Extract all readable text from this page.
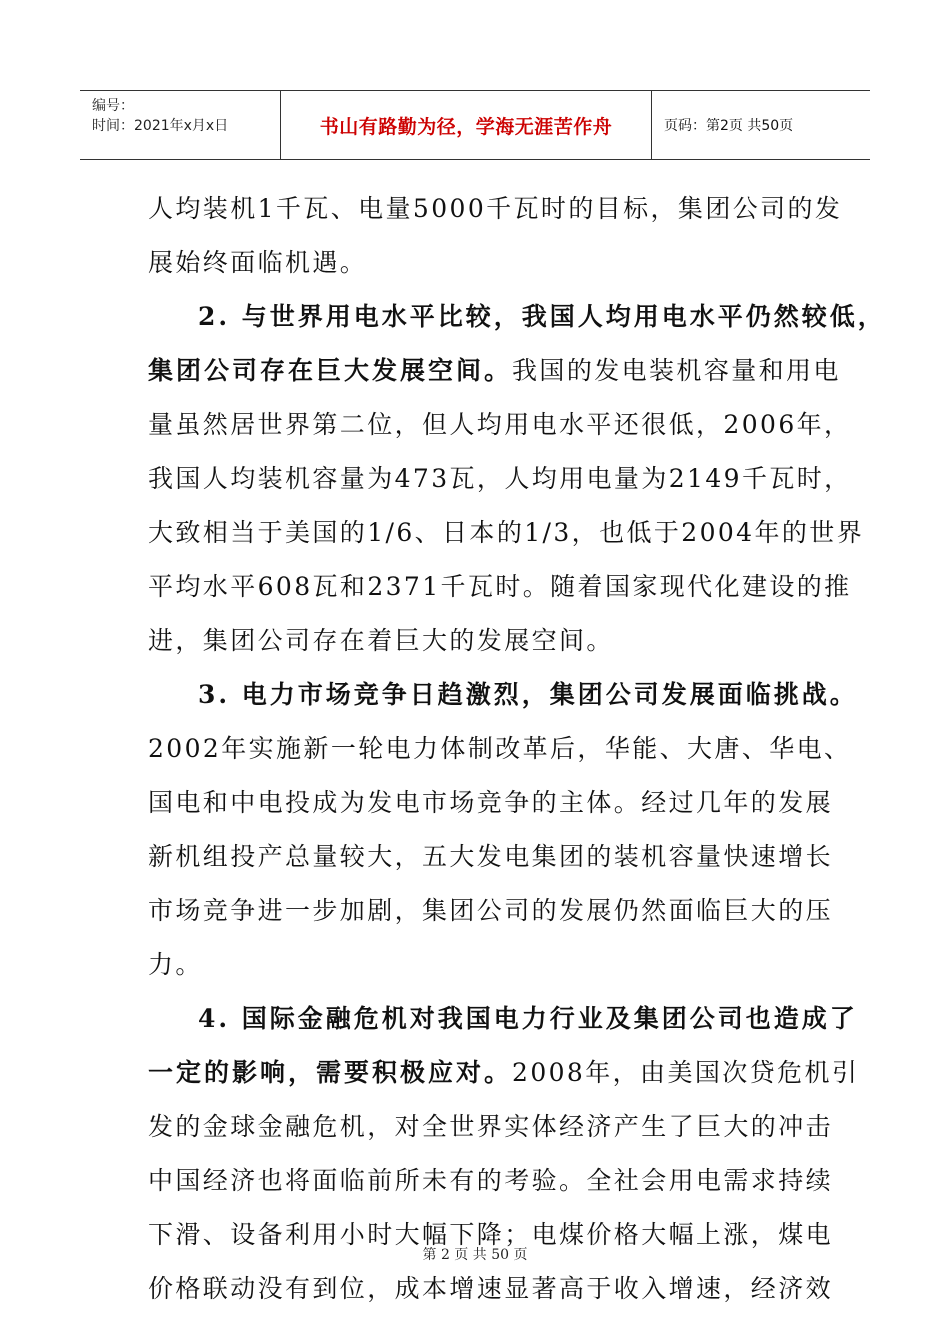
编号：
时间：2021年x月x日	书山有路勤为径，学海无涯苦作舟	页码：第2页 共50页
人均装机1千瓦、电量5000千瓦时的目标，集团公司的发
展始终面临机遇。
2. 与世界用电水平比较，我国人均用电水平仍然较低，
集团公司存在巨大发展空间。我国的发电装机容量和用电
量虽然居世界第二位，但人均用电水平还很低，2006年，
我国人均装机容量为473瓦，人均用电量为2149千瓦时，
大致相当于美国的1/6、日本的1/3，也低于2004年的世界
平均水平608瓦和2371千瓦时。随着国家现代化建设的推
进，集团公司存在着巨大的发展空间。
3. 电力市场竞争日趋激烈，集团公司发展面临挑战。
2002年实施新一轮电力体制改革后，华能、大唐、华电、
国电和中电投成为发电市场竞争的主体。经过几年的发展
新机组投产总量较大，五大发电集团的装机容量快速增长
市场竞争进一步加剧，集团公司的发展仍然面临巨大的压
力。
4. 国际金融危机对我国电力行业及集团公司也造成了
一定的影响，需要积极应对。2008年，由美国次贷危机引
发的金球金融危机，对全世界实体经济产生了巨大的冲击
中国经济也将面临前所未有的考验。全社会用电需求持续
下滑、设备利用小时大幅下降；电煤价格大幅上涨，煤电
价格联动没有到位，成本增速显著高于收入增速，经济效
第 2 页 共 50 页
